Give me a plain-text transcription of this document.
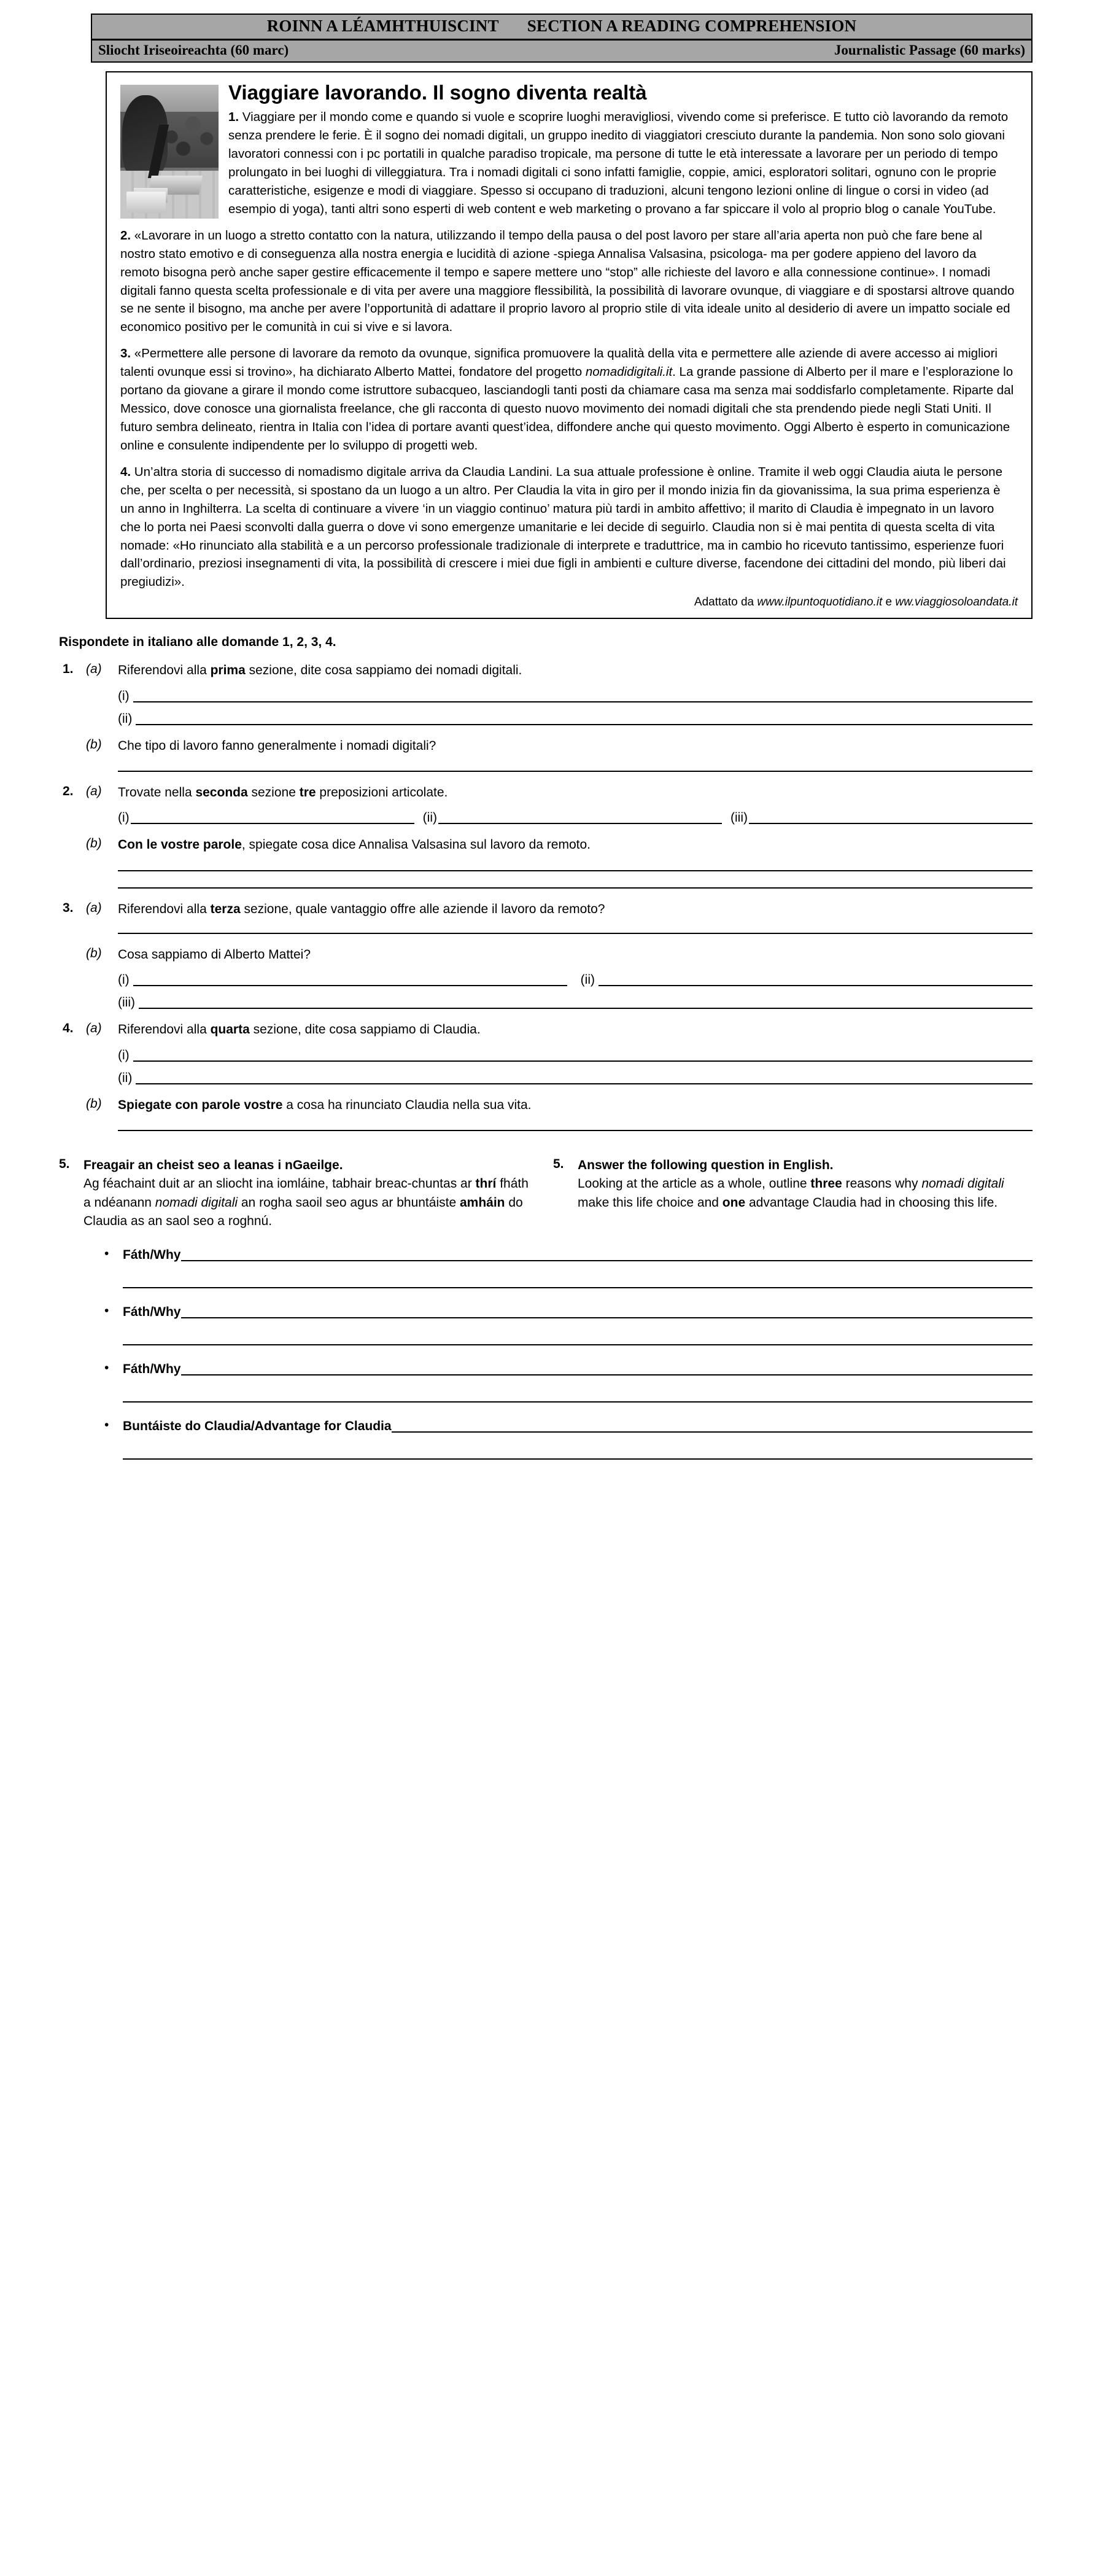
ROINN A LÉAMHTHUISCINT SECTION A READING COMPREHENSION
Sliocht Iriseoireachta (60 marc)	Journalistic Passage (60 marks)
Viaggiare lavorando. Il sogno diventa realtà

1. Viaggiare per il mondo come e quando si vuole e scoprire luoghi meravigliosi, vivendo come si preferisce. E tutto ciò lavorando da remoto senza prendere le ferie. È il sogno dei nomadi digitali, un gruppo inedito di viaggiatori cresciuto durante la pandemia. Non sono solo giovani lavoratori connessi con i pc portatili in qualche paradiso tropicale, ma persone di tutte le età interessate a lavorare per un periodo di tempo prolungato in bei luoghi di villeggiatura. Tra i nomadi digitali ci sono infatti famiglie, coppie, amici, esploratori solitari, ognuno con le proprie caratteristiche, esigenze e modi di viaggiare. Spesso si occupano di traduzioni, alcuni tengono lezioni online di lingue o corsi in video (ad esempio di yoga), tanti altri sono esperti di web content e web marketing o provano a far spiccare il volo al proprio blog o canale YouTube.

2. «Lavorare in un luogo a stretto contatto con la natura, utilizzando il tempo della pausa o del post lavoro per stare all’aria aperta non può che fare bene al nostro stato emotivo e di conseguenza alla nostra energia e lucidità di azione -spiega Annalisa Valsasina, psicologa- ma per godere appieno del lavoro da remoto bisogna però anche saper gestire efficacemente il tempo e sapere mettere uno “stop” alle richieste del lavoro e alla connessione continue». I nomadi digitali fanno questa scelta professionale e di vita per avere una maggiore flessibilità, la possibilità di lavorare ovunque, di viaggiare e di spostarsi altrove quando se ne sente il bisogno, ma anche per avere l’opportunità di adattare il proprio lavoro al proprio stile di vita ideale unito al desiderio di avere un impatto sociale ed economico positivo per le comunità in cui si vive e si lavora.

3. «Permettere alle persone di lavorare da remoto da ovunque, significa promuovere la qualità della vita e permettere alle aziende di avere accesso ai migliori talenti ovunque essi si trovino», ha dichiarato Alberto Mattei, fondatore del progetto nomadidigitali.it. La grande passione di Alberto per il mare e l’esplorazione lo portano da giovane a girare il mondo come istruttore subacqueo, lasciandogli tanti posti da chiamare casa ma senza mai soddisfarlo completamente. Riparte dal Messico, dove conosce una giornalista freelance, che gli racconta di questo nuovo movimento dei nomadi digitali che sta prendendo piede negli Stati Uniti. Il futuro sembra delineato, rientra in Italia con l’idea di portare avanti quest’idea, diffondere anche qui questo movimento. Oggi Alberto è esperto in comunicazione online e consulente indipendente per lo sviluppo di progetti web.

4. Un’altra storia di successo di nomadismo digitale arriva da Claudia Landini. La sua attuale professione è online. Tramite il web oggi Claudia aiuta le persone che, per scelta o per necessità, si spostano da un luogo a un altro. Per Claudia la vita in giro per il mondo inizia fin da giovanissima, la sua prima esperienza è un anno in Inghilterra. La scelta di continuare a vivere ‘in un viaggio continuo’ matura più tardi in ambito affettivo; il marito di Claudia è impegnato in un lavoro che lo porta nei Paesi sconvolti dalla guerra o dove vi sono emergenze umanitarie e lei decide di seguirlo. Claudia non si è mai pentita di questa scelta di vita nomade: «Ho rinunciato alla stabilità e a un percorso professionale tradizionale di interprete e traduttrice, ma in cambio ho ricevuto tantissimo, esperienze fuori dall’ordinario, preziosi insegnamenti di vita, la possibilità di crescere i miei due figli in ambienti e culture diverse, facendone dei cittadini del mondo, più liberi dai pregiudizi».

Adattato da www.ilpuntoquotidiano.it e ww.viaggiosoloandata.it

Rispondete in italiano alle domande 1, 2, 3, 4.
1. (a)	Riferendovi alla prima sezione, dite cosa sappiamo dei nomadi digitali.
(i)
(ii)
(b)	Che tipo di lavoro fanno generalmente i nomadi digitali?
2. (a)	Trovate nella seconda sezione tre preposizioni articolate.
(i)	(ii)	(iii)
(b)	Con le vostre parole, spiegate cosa dice Annalisa Valsasina sul lavoro da remoto.
3. (a)	Riferendovi alla terza sezione, quale vantaggio offre alle aziende il lavoro da remoto?
(b)	Cosa sappiamo di Alberto Mattei?
(i)	(ii)
(iii)
4. (a)	Riferendovi alla quarta sezione, dite cosa sappiamo di Claudia.
(i)
(ii)
(b)	Spiegate con parole vostre a cosa ha rinunciato Claudia nella sua vita.
5.	Freagair an cheist seo a leanas i nGaeilge.
Ag féachaint duit ar an sliocht ina iomláine, tabhair breac-chuntas ar thrí fháth a ndéanann nomadi digitali an rogha saoil seo agus ar bhuntáiste amháin do Claudia as an saol seo a roghnú.
5.	Answer the following question in English.
Looking at the article as a whole, outline three reasons why nomadi digitali make this life choice and one advantage Claudia had in choosing this life.
•	Fáth/Why
•	Fáth/Why
•	Fáth/Why
•	Buntáiste do Claudia/Advantage for Claudia
